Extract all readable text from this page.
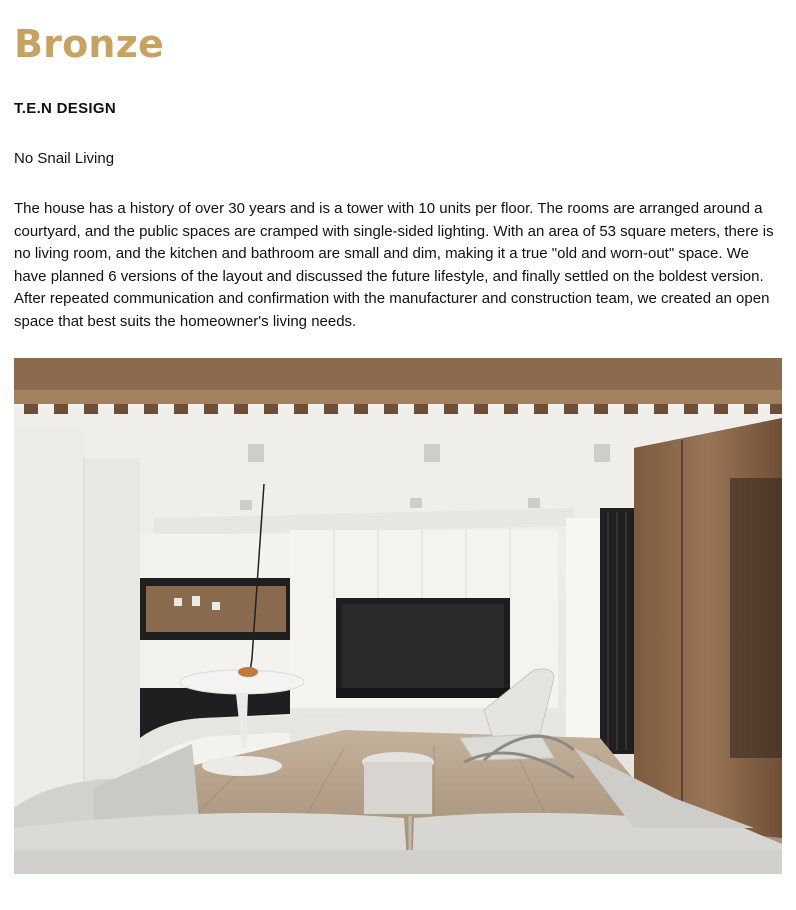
Bronze
T.E.N DESIGN
No Snail Living

The house has a history of over 30 years and is a tower with 10 units per floor. The rooms are arranged around a courtyard, and the public spaces are cramped with single-sided lighting. With an area of 53 square meters, there is no living room, and the kitchen and bathroom are small and dim, making it a true "old and worn-out" space. We have planned 6 versions of the layout and discussed the future lifestyle, and finally settled on the boldest version. After repeated communication and confirmation with the manufacturer and construction team, we created an open space that best suits the homeowner's living needs.
